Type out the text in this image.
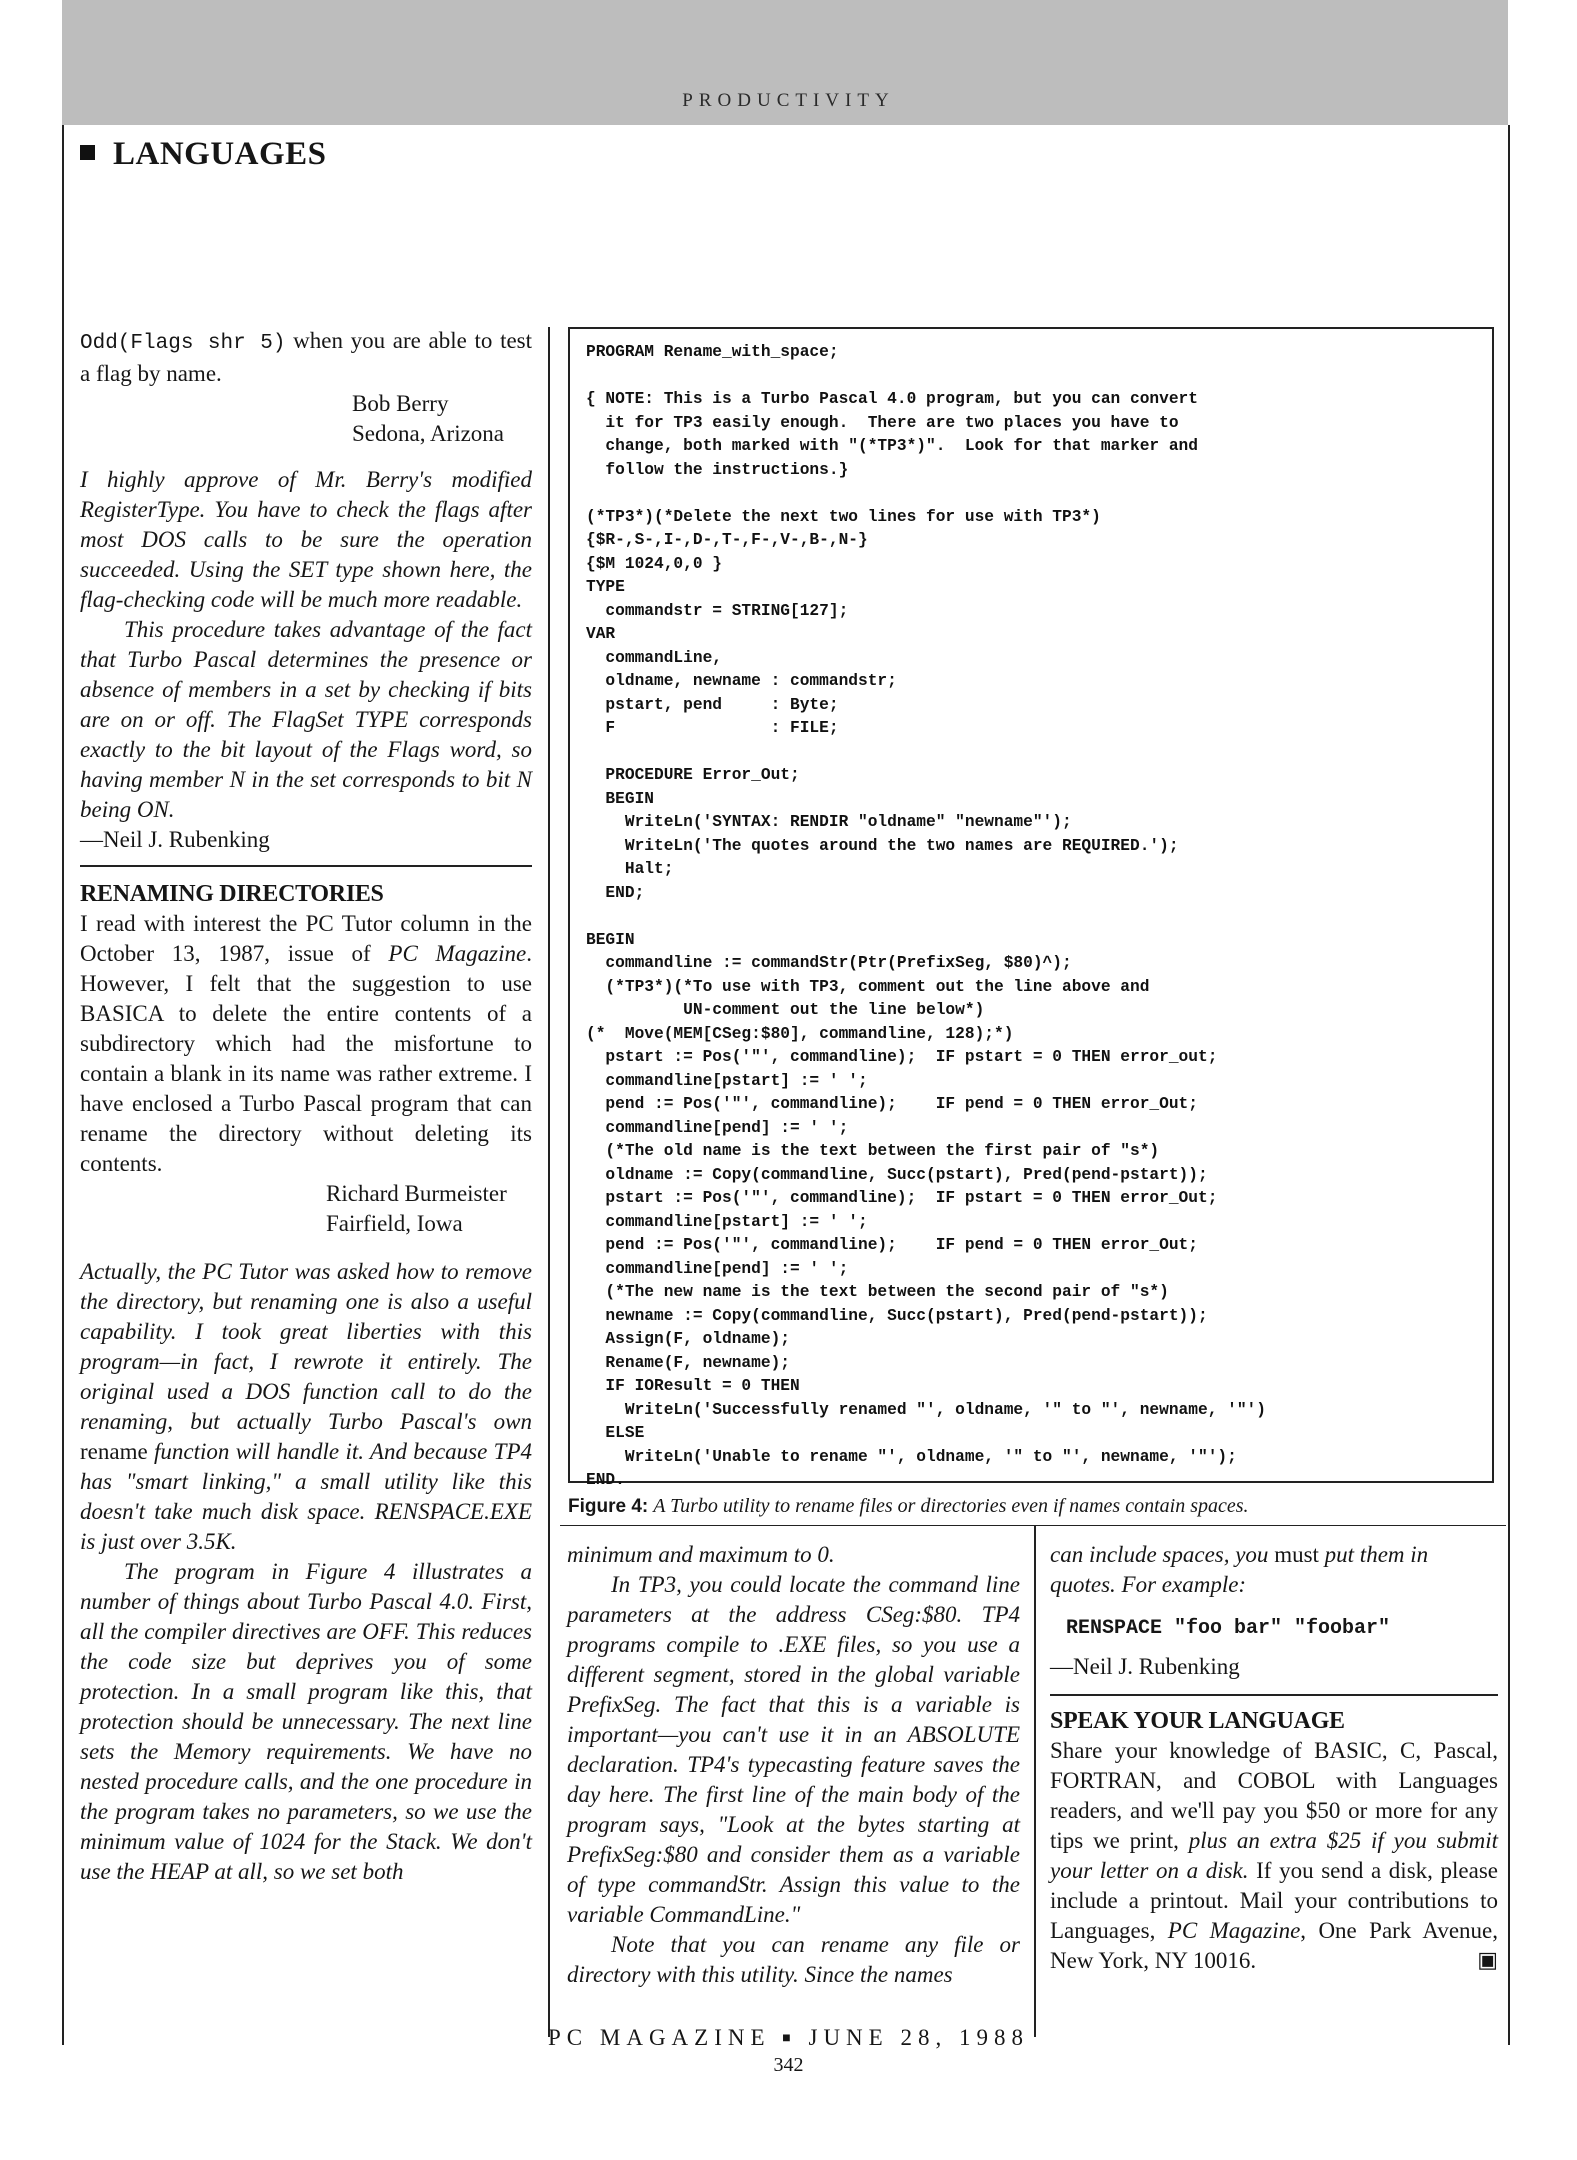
PRODUCTIVITY
LANGUAGES

Odd(Flags shr 5) when you are able to test a flag by name.

Bob Berry

Sedona, Arizona

I highly approve of Mr. Berry's modified RegisterType. You have to check the flags after most DOS calls to be sure the operation succeeded. Using the SET type shown here, the flag-checking code will be much more readable.

This procedure takes advantage of the fact that Turbo Pascal determines the presence or absence of members in a set by checking if bits are on or off. The FlagSet TYPE corresponds exactly to the bit layout of the Flags word, so having member N in the set corresponds to bit N being ON.

—Neil J. Rubenking

RENAMING DIRECTORIES

I read with interest the PC Tutor column in the October 13, 1987, issue of PC Magazine. However, I felt that the suggestion to use BASICA to delete the entire contents of a subdirectory which had the misfortune to contain a blank in its name was rather extreme. I have enclosed a Turbo Pascal program that can rename the directory without deleting its contents.

Richard Burmeister

Fairfield, Iowa

Actually, the PC Tutor was asked how to remove the directory, but renaming one is also a useful capability. I took great liberties with this program—in fact, I rewrote it entirely. The original used a DOS function call to do the renaming, but actually Turbo Pascal's own rename function will handle it. And because TP4 has "smart linking," a small utility like this doesn't take much disk space. RENSPACE.EXE is just over 3.5K.

The program in Figure 4 illustrates a number of things about Turbo Pascal 4.0. First, all the compiler directives are OFF. This reduces the code size but deprives you of some protection. In a small program like this, that protection should be unnecessary. The next line sets the Memory requirements. We have no nested procedure calls, and the one procedure in the program takes no parameters, so we use the minimum value of 1024 for the Stack. We don't use the HEAP at all, so we set both

PROGRAM Rename_with_space;

{ NOTE: This is a Turbo Pascal 4.0 program, but you can convert
it for TP3 easily enough.  There are two places you have to
change, both marked with "(*TP3*)".  Look for that marker and
follow the instructions.}

(*TP3*)(*Delete the next two lines for use with TP3*)
{$R-,S-,I-,D-,T-,F-,V-,B-,N-}
{$M 1024,0,0 }
TYPE
commandstr = STRING[127];
VAR
commandLine,
oldname, newname : commandstr;
pstart, pend     : Byte;
F                : FILE;

PROCEDURE Error_Out;
BEGIN
WriteLn('SYNTAX: RENDIR "oldname" "newname"');
WriteLn('The quotes around the two names are REQUIRED.');
Halt;
END;

BEGIN
commandline := commandStr(Ptr(PrefixSeg, $80)^);
(*TP3*)(*To use with TP3, comment out the line above and
UN-comment out the line below*)
(*  Move(MEM[CSeg:$80], commandline, 128);*)
pstart := Pos('"', commandline);  IF pstart = 0 THEN error_out;
commandline[pstart] := ' ';
pend := Pos('"', commandline);    IF pend = 0 THEN error_Out;
commandline[pend] := ' ';
(*The old name is the text between the first pair of "s*)
oldname := Copy(commandline, Succ(pstart), Pred(pend-pstart));
pstart := Pos('"', commandline);  IF pstart = 0 THEN error_Out;
commandline[pstart] := ' ';
pend := Pos('"', commandline);    IF pend = 0 THEN error_Out;
commandline[pend] := ' ';
(*The new name is the text between the second pair of "s*)
newname := Copy(commandline, Succ(pstart), Pred(pend-pstart));
Assign(F, oldname);
Rename(F, newname);
IF IOResult = 0 THEN
WriteLn('Successfully renamed "', oldname, '" to "', newname, '"')
ELSE
WriteLn('Unable to rename "', oldname, '" to "', newname, '"');
END.
Figure 4: A Turbo utility to rename files or directories even if names contain spaces.

minimum and maximum to 0.

In TP3, you could locate the command line parameters at the address CSeg:$80. TP4 programs compile to .EXE files, so you use a different segment, stored in the global variable PrefixSeg. The fact that this is a variable is important—you can't use it in an ABSOLUTE declaration. TP4's typecasting feature saves the day here. The first line of the main body of the program says, "Look at the bytes starting at PrefixSeg:$80 and consider them as a variable of type commandStr. Assign this value to the variable CommandLine."

Note that you can rename any file or directory with this utility. Since the names

can include spaces, you must put them in quotes. For example:

RENSPACE "foo bar" "foobar"

—Neil J. Rubenking

SPEAK YOUR LANGUAGE

Share your knowledge of BASIC, C, Pascal, FORTRAN, and COBOL with Languages readers, and we'll pay you $50 or more for any tips we print, plus an extra $25 if you submit your letter on a disk. If you send a disk, please include a printout. Mail your contributions to Languages, PC Magazine, One Park Avenue, New York, NY 10016.	▣

PC MAGAZINE ■ JUNE 28, 1988
342
